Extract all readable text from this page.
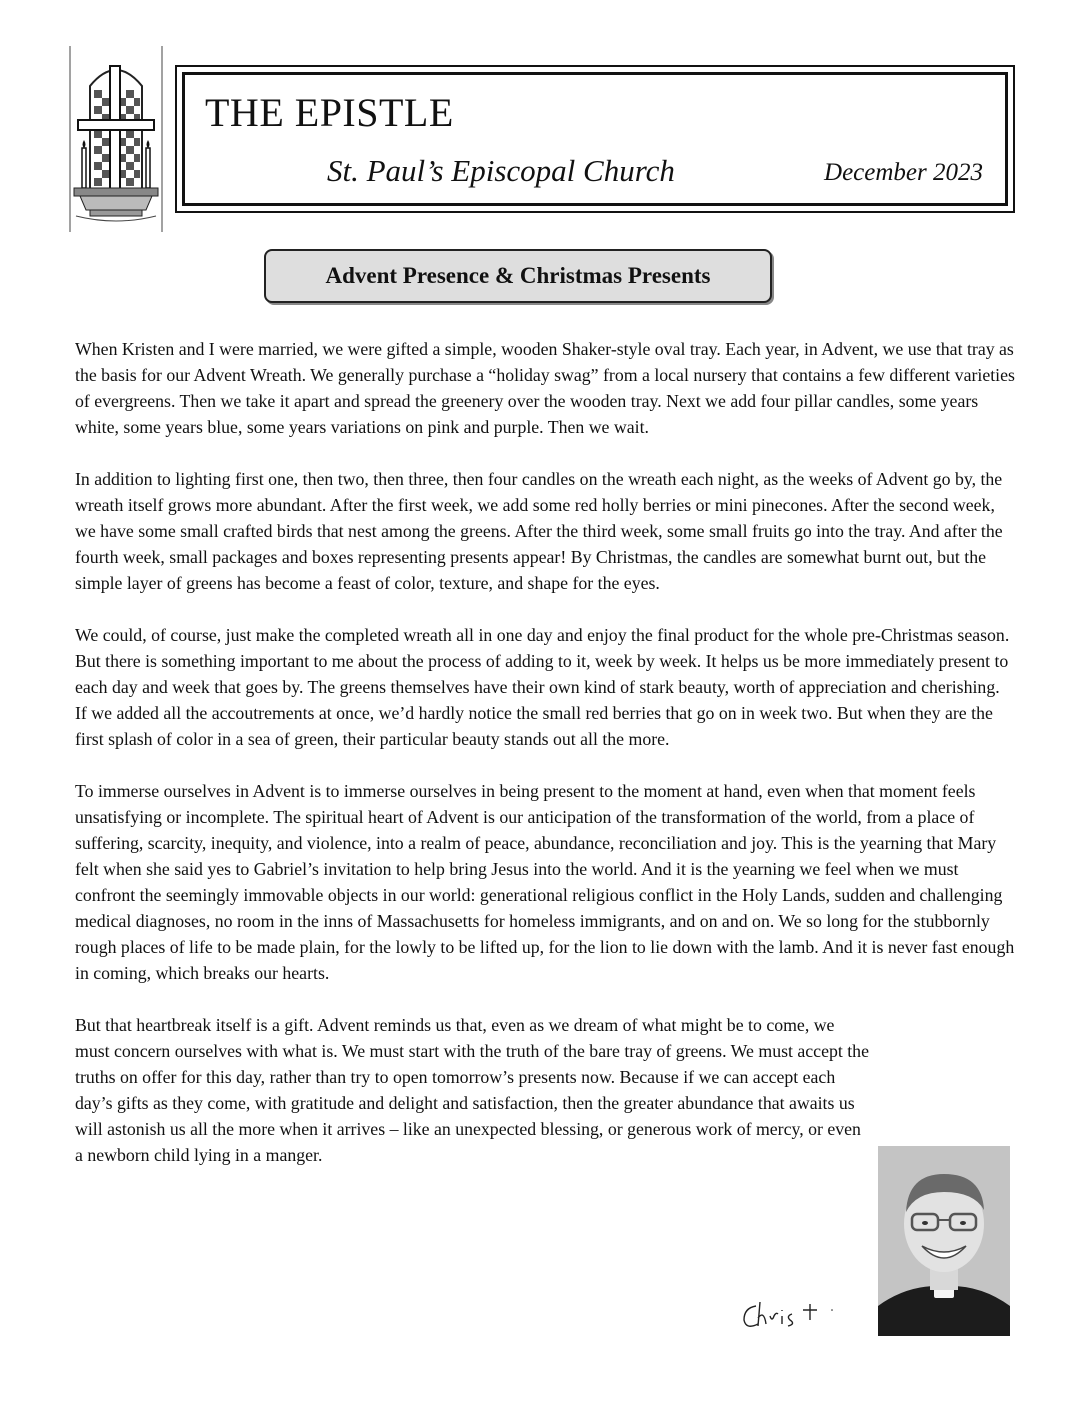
THE EPISTLE
St. Paul’s Episcopal Church	December 2023
Advent Presence & Christmas Presents

When Kristen and I were married, we were gifted a simple, wooden Shaker-style oval tray. Each year, in Advent, we use that tray as the basis for our Advent Wreath. We generally purchase a “holiday swag” from a local nursery that contains a few different varieties of evergreens. Then we take it apart and spread the greenery over the wooden tray. Next we add four pillar candles, some years white, some years blue, some years variations on pink and purple. Then we wait.

In addition to lighting first one, then two, then three, then four candles on the wreath each night, as the weeks of Advent go by, the wreath itself grows more abundant. After the first week, we add some red holly berries or mini pinecones. After the second week, we have some small crafted birds that nest among the greens. After the third week, some small fruits go into the tray. And after the fourth week, small packages and boxes representing presents appear! By Christmas, the candles are somewhat burnt out, but the simple layer of greens has become a feast of color, texture, and shape for the eyes.

We could, of course, just make the completed wreath all in one day and enjoy the final product for the whole pre-Christmas season. But there is something important to me about the process of adding to it, week by week. It helps us be more immediately present to each day and week that goes by. The greens themselves have their own kind of stark beauty, worth of appreciation and cherishing. If we added all the accoutrements at once, we’d hardly notice the small red berries that go on in week two. But when they are the first splash of color in a sea of green, their particular beauty stands out all the more.

To immerse ourselves in Advent is to immerse ourselves in being present to the moment at hand, even when that moment feels unsatisfying or incomplete. The spiritual heart of Advent is our anticipation of the transformation of the world, from a place of suffering, scarcity, inequity, and violence, into a realm of peace, abundance, reconciliation and joy. This is the yearning that Mary felt when she said yes to Gabriel’s invitation to help bring Jesus into the world. And it is the yearning we feel when we must confront the seemingly immovable objects in our world: generational religious conflict in the Holy Lands, sudden and challenging medical diagnoses, no room in the inns of Massachusetts for homeless immigrants, and on and on. We so long for the stubbornly rough places of life to be made plain, for the lowly to be lifted up, for the lion to lie down with the lamb. And it is never fast enough in coming, which breaks our hearts.

But that heartbreak itself is a gift. Advent reminds us that, even as we dream of what might be to come, we must concern ourselves with what is. We must start with the truth of the bare tray of greens. We must accept the truths on offer for this day, rather than try to open tomorrow’s presents now. Because if we can accept each day’s gifts as they come, with gratitude and delight and satisfaction, then the greater abundance that awaits us will astonish us all the more when it arrives – like an unexpected blessing, or generous work of mercy, or even a newborn child lying in a manger.
